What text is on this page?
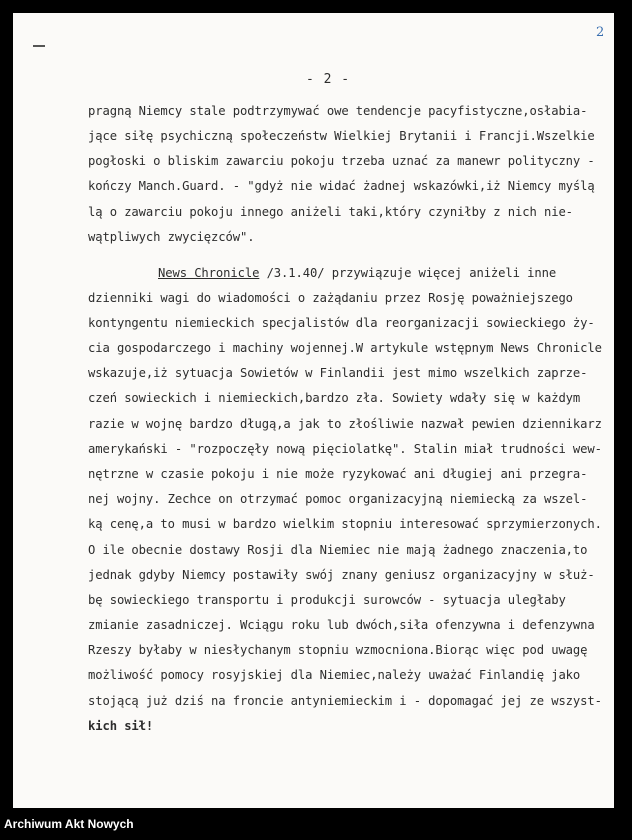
2
- 2 -
pragną Niemcy stale podtrzymywać owe tendencje pacyfistyczne,osłabia-
jące siłę psychiczną społeczeństw Wielkiej Brytanii i Francji.Wszelkie
pogłoski o bliskim zawarciu pokoju trzeba uznać za manewr polityczny -
kończy Manch.Guard. - "gdyż nie widać żadnej wskazówki,iż Niemcy myślą
lą o zawarciu pokoju innego aniżeli taki,który czyniłby z nich nie-
wątpliwych zwycięzców".
News Chronicle /3.1.40/ przywiązuje więcej aniżeli inne
dzienniki wagi do wiadomości o zażądaniu przez Rosję poważniejszego
kontyngentu niemieckich specjalistów dla reorganizacji sowieckiego ży-
cia gospodarczego i machiny wojennej.W artykule wstępnym News Chronicle
wskazuje,iż sytuacja Sowietów w Finlandii jest mimo wszelkich zaprze-
czeń sowieckich i niemieckich,bardzo zła. Sowiety wdały się w każdym
razie w wojnę bardzo długą,a jak to złośliwie nazwał pewien dziennikarz
amerykański - "rozpoczęły nową pięciolatkę". Stalin miał trudności wew-
nętrzne w czasie pokoju i nie może ryzykować ani długiej ani przegra-
nej wojny. Zechce on otrzymać pomoc organizacyjną niemiecką za wszel-
ką cenę,a to musi w bardzo wielkim stopniu interesować sprzymierzonych.
O ile obecnie dostawy Rosji dla Niemiec nie mają żadnego znaczenia,to
jednak gdyby Niemcy postawiły swój znany geniusz organizacyjny w służ-
bę sowieckiego transportu i produkcji surowców - sytuacja uległaby
zmianie zasadniczej. Wciągu roku lub dwóch,siła ofenzywna i defenzywna
Rzeszy byłaby w niesłychanym stopniu wzmocniona.Biorąc więc pod uwagę
możliwość pomocy rosyjskiej dla Niemiec,należy uważać Finlandię jako
stojącą już dziś na froncie antyniemieckim i - dopomagać jej ze wszyst-
kich sił!
Archiwum Akt Nowych
